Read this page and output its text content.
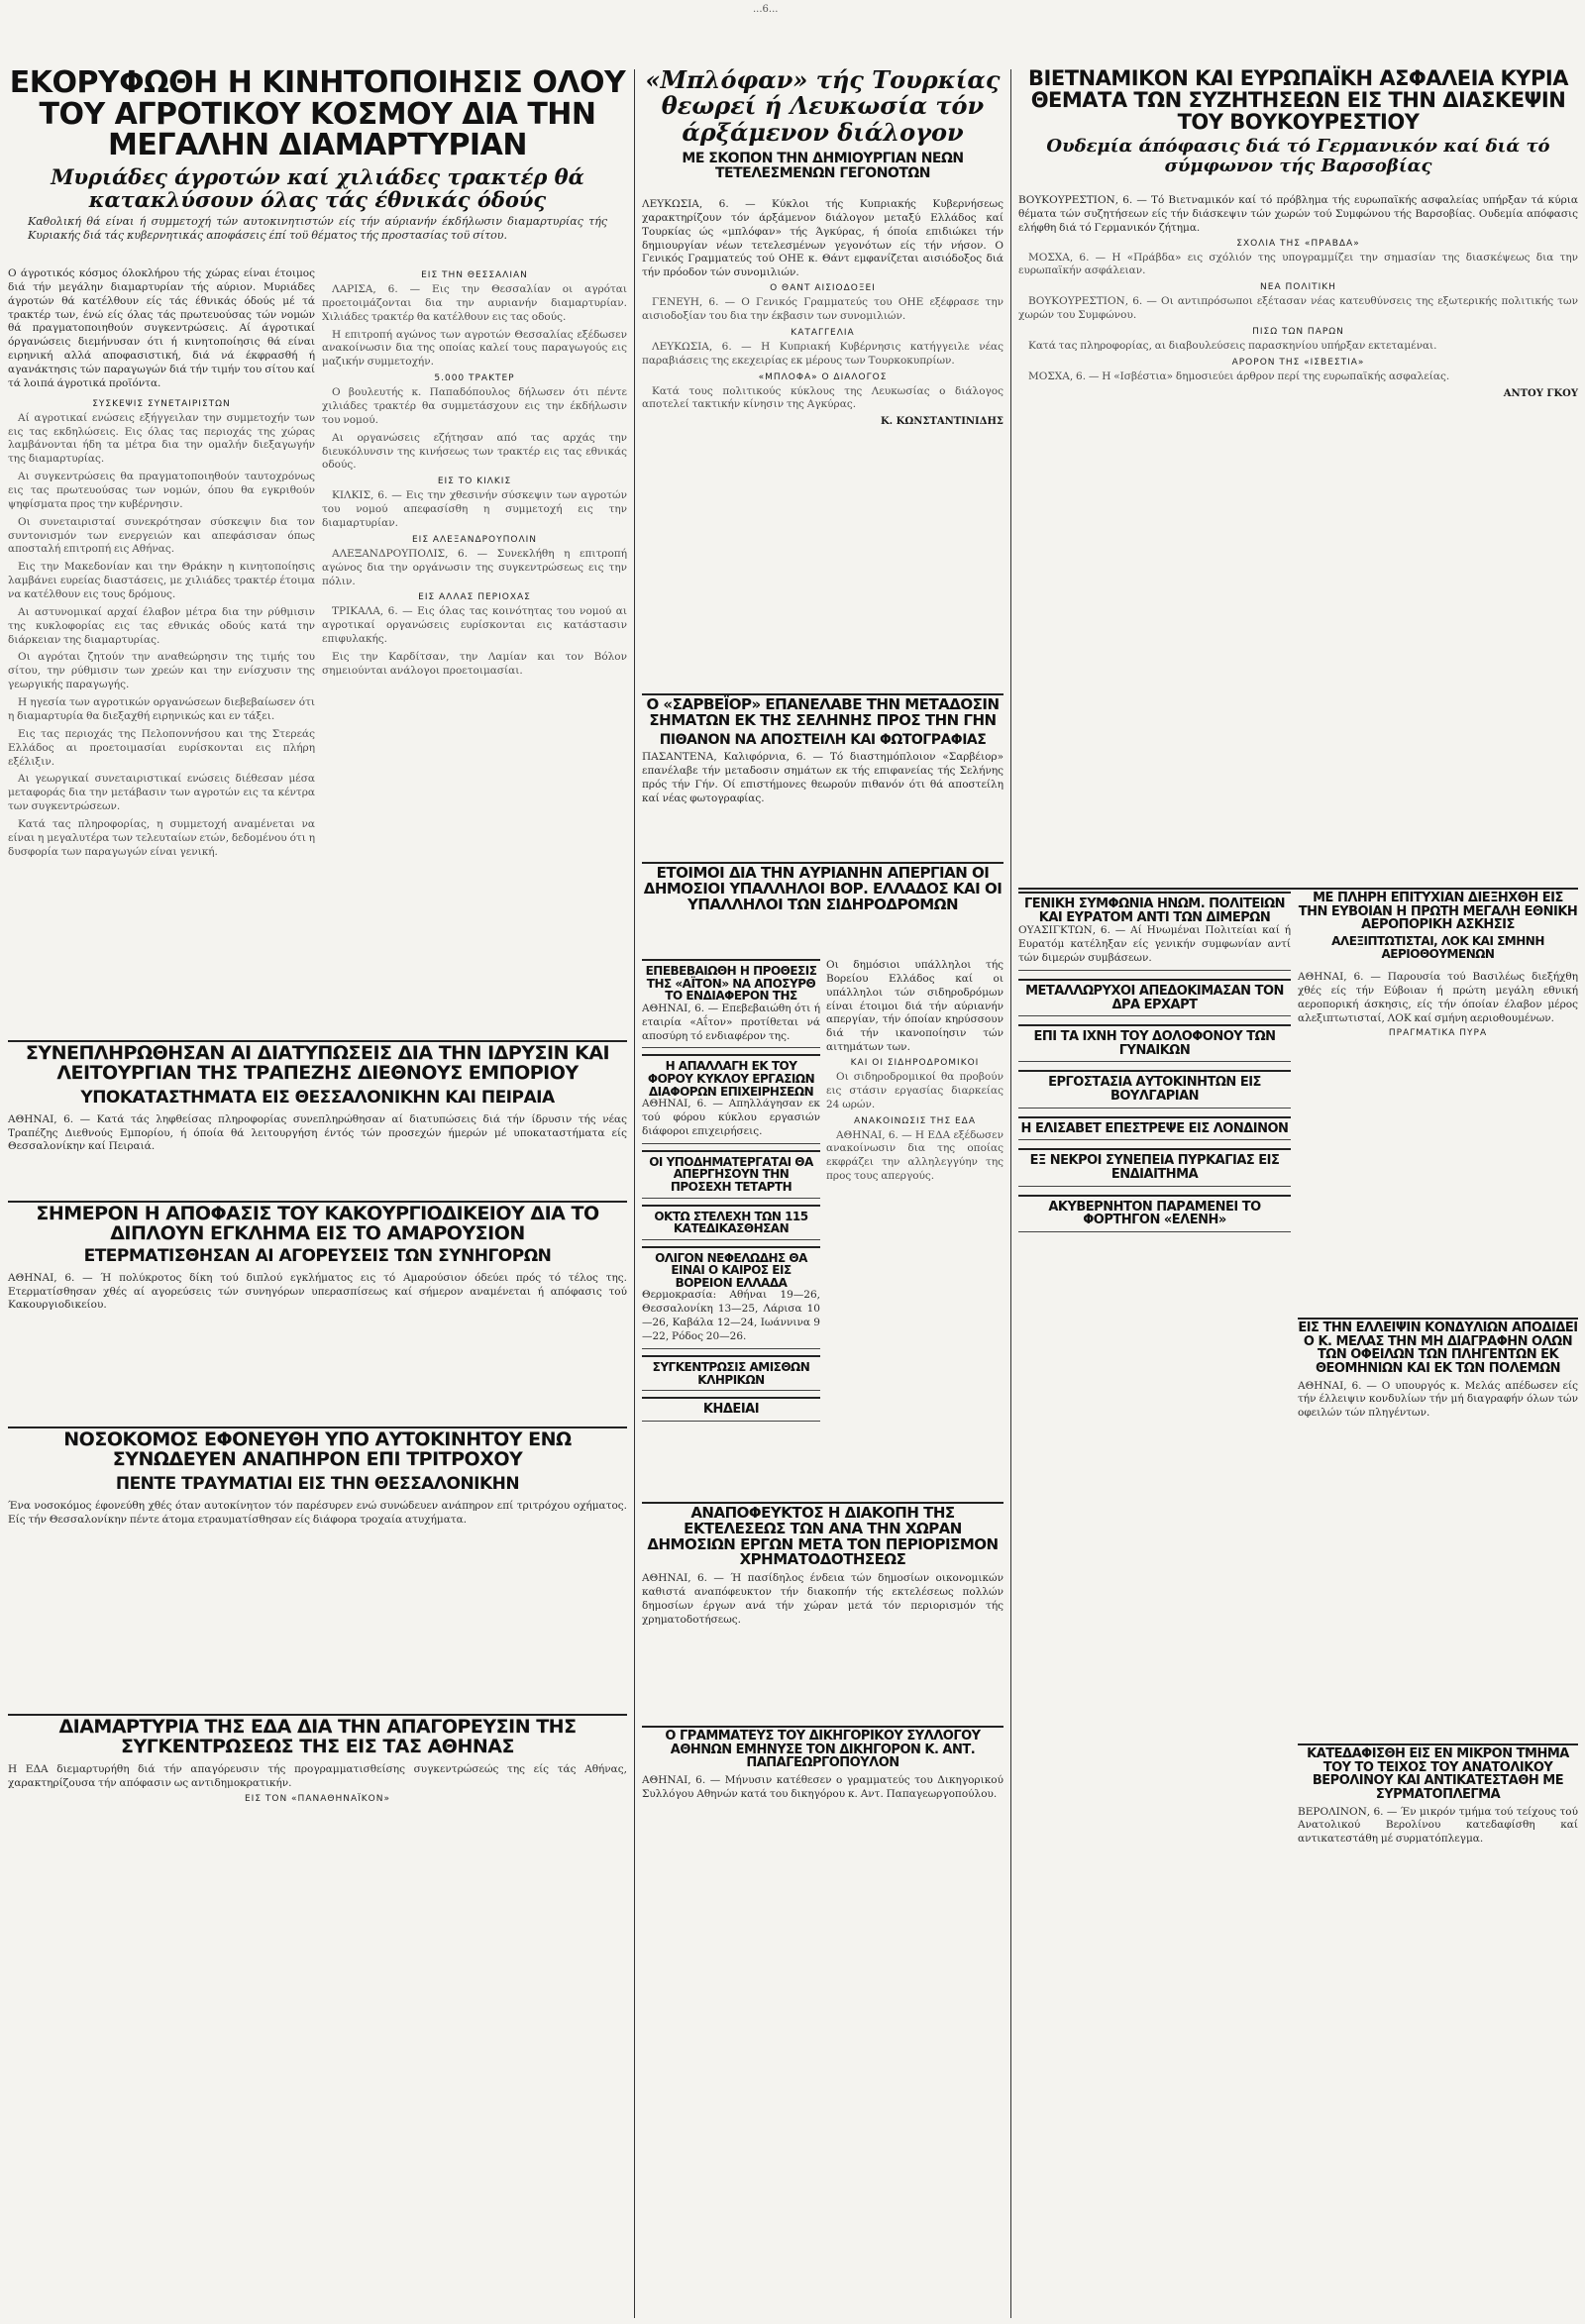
...6...
ΕΚΟΡΥΦΩΘΗ Η ΚΙΝΗΤΟΠΟΙΗΣΙΣ ΟΛΟΥ ΤΟΥ ΑΓΡΟΤΙΚΟΥ ΚΟΣΜΟΥ ΔΙΑ ΤΗΝ ΜΕΓΑΛΗΝ ΔΙΑΜΑΡΤΥΡΙΑΝ
Μυριάδες άγροτών καί χιλιάδες τρακτέρ θά κατακλύσουν όλας τάς έθνικάς όδούς
Καθολική θά είναι ή συμμετοχή τών αυτοκινητιστών είς τήν αύριανήν έκδήλωσιν διαμαρτυρίας τής Κυριακής διά τάς κυβερνητικάς αποφάσεις έπί τοϋ θέματος τής προστασίας τοϋ σίτου.
Ο άγροτικός κόσμος όλοκλήρου τής χώρας είναι έτοιμος διά τήν μεγάλην διαμαρτυρίαν τής αύριον. Μυριάδες άγροτών θά κατέλθουν είς τάς έθνικάς όδούς μέ τά τρακτέρ των, ένώ είς όλας τάς πρωτευούσας τών νομών θά πραγματοποιηθούν συγκεντρώσεις. Αί άγροτικαί όργανώσεις διεμήνυσαν ότι ή κινητοποίησις θά είναι ειρηνική αλλά αποφασιστική, διά νά έκφρασθή ή αγανάκτησις τών παραγωγών διά τήν τιμήν του σίτου καί τά λοιπά άγροτικά προϊόντα.
ΣΥΣΚΕΨΙΣ ΣΥΝΕΤΑΙΡΙΣΤΩΝ

Αί αγροτικαί ενώσεις εξήγγειλαν την συμμετοχήν των εις τας εκδηλώσεις. Εις όλας τας περιοχάς της χώρας λαμβάνονται ήδη τα μέτρα δια την ομαλήν διεξαγωγήν της διαμαρτυρίας.

Αι συγκεντρώσεις θα πραγματοποιηθούν ταυτοχρόνως εις τας πρωτευούσας των νομών, όπου θα εγκριθούν ψηφίσματα προς την κυβέρνησιν.

Οι συνεταιρισταί συνεκρότησαν σύσκεψιν δια τον συντονισμόν των ενεργειών και απεφάσισαν όπως αποσταλή επιτροπή εις Αθήνας.

Εις την Μακεδονίαν και την Θράκην η κινητοποίησις λαμβάνει ευρείας διαστάσεις, με χιλιάδες τρακτέρ έτοιμα να κατέλθουν εις τους δρόμους.

Αι αστυνομικαί αρχαί έλαβον μέτρα δια την ρύθμισιν της κυκλοφορίας εις τας εθνικάς οδούς κατά την διάρκειαν της διαμαρτυρίας.

Οι αγρόται ζητούν την αναθεώρησιν της τιμής του σίτου, την ρύθμισιν των χρεών και την ενίσχυσιν της γεωργικής παραγωγής.

Η ηγεσία των αγροτικών οργανώσεων διεβεβαίωσεν ότι η διαμαρτυρία θα διεξαχθή ειρηνικώς και εν τάξει.

Εις τας περιοχάς της Πελοποννήσου και της Στερεάς Ελλάδος αι προετοιμασίαι ευρίσκονται εις πλήρη εξέλιξιν.

Αι γεωργικαί συνεταιριστικαί ενώσεις διέθεσαν μέσα μεταφοράς δια την μετάβασιν των αγροτών εις τα κέντρα των συγκεντρώσεων.

Κατά τας πληροφορίας, η συμμετοχή αναμένεται να είναι η μεγαλυτέρα των τελευταίων ετών, δεδομένου ότι η δυσφορία των παραγωγών είναι γενική.

ΕΙΣ ΤΗΝ ΘΕΣΣΑΛΙΑΝ

ΛΑΡΙΣΑ, 6. — Εις την Θεσσαλίαν οι αγρόται προετοιμάζονται δια την αυριανήν διαμαρτυρίαν. Χιλιάδες τρακτέρ θα κατέλθουν εις τας οδούς.

Η επιτροπή αγώνος των αγροτών Θεσσαλίας εξέδωσεν ανακοίνωσιν δια της οποίας καλεί τους παραγωγούς εις μαζικήν συμμετοχήν.

5.000 ΤΡΑΚΤΕΡ

Ο βουλευτής κ. Παπαδόπουλος δήλωσεν ότι πέντε χιλιάδες τρακτέρ θα συμμετάσχουν εις την έκδήλωσιν του νομού.

Αι οργανώσεις εζήτησαν από τας αρχάς την διευκόλυνσιν της κινήσεως των τρακτέρ εις τας εθνικάς οδούς.

ΕΙΣ ΤΟ ΚΙΛΚΙΣ

ΚΙΛΚΙΣ, 6. — Εις την χθεσινήν σύσκεψιν των αγροτών του νομού απεφασίσθη η συμμετοχή εις την διαμαρτυρίαν.

ΕΙΣ ΑΛΕΞΑΝΔΡΟΥΠΟΛΙΝ

ΑΛΕΞΑΝΔΡΟΥΠΟΛΙΣ, 6. — Συνεκλήθη η επιτροπή αγώνος δια την οργάνωσιν της συγκεντρώσεως εις την πόλιν.

ΕΙΣ ΑΛΛΑΣ ΠΕΡΙΟΧΑΣ

ΤΡΙΚΑΛΑ, 6. — Εις όλας τας κοινότητας του νομού αι αγροτικαί οργανώσεις ευρίσκονται εις κατάστασιν επιφυλακής.

Εις την Καρδίτσαν, την Λαμίαν και τον Βόλον σημειούνται ανάλογοι προετοιμασίαι.

ΣΥΝΕΠΛΗΡΩΘΗΣΑΝ ΑΙ ΔΙΑΤΥΠΩΣΕΙΣ ΔΙΑ ΤΗΝ ΙΔΡΥΣΙΝ ΚΑΙ ΛΕΙΤΟΥΡΓΙΑΝ ΤΗΣ ΤΡΑΠΕΖΗΣ ΔΙΕΘΝΟΥΣ ΕΜΠΟΡΙΟΥ
ΥΠΟΚΑΤΑΣΤΗΜΑΤΑ ΕΙΣ ΘΕΣΣΑΛΟΝΙΚΗΝ ΚΑΙ ΠΕΙΡΑΙΑ
ΑΘΗΝΑΙ, 6. — Κατά τάς ληφθείσας πληροφορίας συνεπληρώθησαν αί διατυπώσεις διά τήν ίδρυσιν τής νέας Τραπέζης Διεθνούς Εμπορίου, ή όποία θά λειτουργήση έντός τών προσεχών ήμερών μέ υποκαταστήματα είς Θεσσαλονίκην καί Πειραιά.
ΣΗΜΕΡΟΝ Η ΑΠΟΦΑΣΙΣ ΤΟΥ ΚΑΚΟΥΡΓΙΟΔΙΚΕΙΟΥ ΔΙΑ ΤΟ ΔΙΠΛΟΥΝ ΕΓΚΛΗΜΑ ΕΙΣ ΤΟ ΑΜΑΡΟΥΣΙΟΝ
ΕΤΕΡΜΑΤΙΣΘΗΣΑΝ ΑΙ ΑΓΟΡΕΥΣΕΙΣ ΤΩΝ ΣΥΝΗΓΟΡΩΝ
ΑΘΗΝΑΙ, 6. — Ή πολύκροτος δίκη τού διπλού εγκλήματος εις τό Αμαρούσιον όδεύει πρός τό τέλος της. Ετερματίσθησαν χθές αί αγορεύσεις τών συνηγόρων υπερασπίσεως καί σήμερον αναμένεται ή απόφασις τού Κακουργιοδικείου.
ΝΟΣΟΚΟΜΟΣ ΕΦΟΝΕΥΘΗ ΥΠΟ ΑΥΤΟΚΙΝΗΤΟΥ ΕΝΩ ΣΥΝΩΔΕΥΕΝ ΑΝΑΠΗΡΟΝ ΕΠΙ ΤΡΙΤΡΟΧΟΥ
ΠΕΝΤΕ ΤΡΑΥΜΑΤΙΑΙ ΕΙΣ ΤΗΝ ΘΕΣΣΑΛΟΝΙΚΗΝ
Ένα νοσοκόμος έφονεύθη χθές όταν αυτοκίνητον τόν παρέσυρεν ενώ συνώδευεν ανάπηρον επί τριτρόχου οχήματος. Είς τήν Θεσσαλονίκην πέντε άτομα ετραυματίσθησαν είς διάφορα τροχαία ατυχήματα.
ΔΙΑΜΑΡΤΥΡΙΑ ΤΗΣ ΕΔΑ ΔΙΑ ΤΗΝ ΑΠΑΓΟΡΕΥΣΙΝ ΤΗΣ ΣΥΓΚΕΝΤΡΩΣΕΩΣ ΤΗΣ ΕΙΣ ΤΑΣ ΑΘΗΝΑΣ
Η ΕΔΑ διεμαρτυρήθη διά τήν απαγόρευσιν τής προγραμματισθείσης συγκεντρώσεώς της είς τάς Αθήνας, χαρακτηρίζουσα τήν απόφασιν ως αντιδημοκρατικήν.
ΕΙΣ ΤΟΝ «ΠΑΝΑΘΗΝΑΪΚΟΝ»
«Μπλόφαν» τής Τουρκίας θεωρεί ή Λευκωσία τόν άρξάμενον διάλογον
ΜΕ ΣΚΟΠΟΝ ΤΗΝ ΔΗΜΙΟΥΡΓΙΑΝ ΝΕΩΝ ΤΕΤΕΛΕΣΜΕΝΩΝ ΓΕΓΟΝΟΤΩΝ
ΛΕΥΚΩΣΙΑ, 6. — Κύκλοι τής Κυπριακής Κυβερνήσεως χαρακτηρίζουν τόν άρξάμενον διάλογον μεταξύ Ελλάδος καί Τουρκίας ώς «μπλόφαν» τής Άγκύρας, ή όποία επιδιώκει τήν δημιουργίαν νέων τετελεσμένων γεγονότων είς τήν νήσον. Ο Γενικός Γραμματεύς τού ΟΗΕ κ. Θάντ εμφανίζεται αισιόδοξος διά τήν πρόοδον τών συνομιλιών.
Ο ΘΑΝΤ ΑΙΣΙΟΔΟΞΕΙ

ΓΕΝΕΥΗ, 6. — Ο Γενικός Γραμματεύς του ΟΗΕ εξέφρασε την αισιοδοξίαν του δια την έκβασιν των συνομιλιών.

ΚΑΤΑΓΓΕΛΙΑ

ΛΕΥΚΩΣΙΑ, 6. — Η Κυπριακή Κυβέρνησις κατήγγειλε νέας παραβιάσεις της εκεχειρίας εκ μέρους των Τουρκοκυπρίων.

«ΜΠΛΟΦΑ» Ο ΔΙΑΛΟΓΟΣ

Κατά τους πολιτικούς κύκλους της Λευκωσίας ο διάλογος αποτελεί τακτικήν κίνησιν της Αγκύρας.

Κ. ΚΩΝΣΤΑΝΤΙΝΙΔΗΣ
Ο «ΣΑΡΒΕΪΟΡ» ΕΠΑΝΕΛΑΒΕ ΤΗΝ ΜΕΤΑΔΟΣΙΝ ΣΗΜΑΤΩΝ ΕΚ ΤΗΣ ΣΕΛΗΝΗΣ ΠΡΟΣ ΤΗΝ ΓΗΝ
ΠΙΘΑΝΟΝ ΝΑ ΑΠΟΣΤΕΙΛΗ ΚΑΙ ΦΩΤΟΓΡΑΦΙΑΣ
ΠΑΣΑΝΤΕΝΑ, Καλιφόρνια, 6. — Τό διαστημόπλοιον «Σαρβέιορ» επανέλαβε τήν μεταδοσιν σημάτων εκ τής επιφανείας τής Σελήνης πρός τήν Γήν. Οί επιστήμονες θεωρούν πιθανόν ότι θά αποστείλη καί νέας φωτογραφίας.
ΕΤΟΙΜΟΙ ΔΙΑ ΤΗΝ ΑΥΡΙΑΝΗΝ ΑΠΕΡΓΙΑΝ ΟΙ ΔΗΜΟΣΙΟΙ ΥΠΑΛΛΗΛΟΙ ΒΟΡ. ΕΛΛΑΔΟΣ ΚΑΙ ΟΙ ΥΠΑΛΛΗΛΟΙ ΤΩΝ ΣΙΔΗΡΟΔΡΟΜΩΝ
ΕΠΕΒΕΒΑΙΩΘΗ Η ΠΡΟΘΕΣΙΣ ΤΗΣ «ΑΪΤΟΝ» ΝΑ ΑΠΟΣΥΡΘ ΤΟ ΕΝΔΙΑΦΕΡΟΝ ΤΗΣ
ΑΘΗΝΑΙ, 6. — Επεβεβαιώθη ότι ή εταιρία «Αΐτον» προτίθεται νά αποσύρη τό ενδιαφέρον της.
Η ΑΠΑΛΛΑΓΗ ΕΚ ΤΟΥ ΦΟΡΟΥ ΚΥΚΛΟΥ ΕΡΓΑΣΙΩΝ ΔΙΑΦΟΡΩΝ ΕΠΙΧΕΙΡΗΣΕΩΝ
ΑΘΗΝΑΙ, 6. — Απηλλάγησαν εκ τού φόρου κύκλου εργασιών διάφοροι επιχειρήσεις.
ΟΙ ΥΠΟΔΗΜΑΤΕΡΓΑΤΑΙ ΘΑ ΑΠΕΡΓΗΣΟΥΝ ΤΗΝ ΠΡΟΣΕΧΗ ΤΕΤΑΡΤΗ
ΟΚΤΩ ΣΤΕΛΕΧΗ ΤΩΝ 115 ΚΑΤΕΔΙΚΑΣΘΗΣΑΝ
ΟΛΙΓΟΝ ΝΕΦΕΛΩΔΗΣ ΘΑ ΕΙΝΑΙ Ο ΚΑΙΡΟΣ ΕΙΣ ΒΟΡΕΙΟΝ ΕΛΛΑΔΑ
Θερμοκρασία: Αθήναι 19—26, Θεσσαλονίκη 13—25, Λάρισα 10—26, Καβάλα 12—24, Ιωάννινα 9—22, Ρόδος 20—26.
ΣΥΓΚΕΝΤΡΩΣΙΣ ΑΜΙΣΘΩΝ ΚΛΗΡΙΚΩΝ
ΚΗΔΕΙΑΙ
Οι δημόσιοι υπάλληλοι τής Βορείου Ελλάδος καί οι υπάλληλοι τών σιδηροδρόμων είναι έτοιμοι διά τήν αύριανήν απεργίαν, τήν όποίαν κηρύσσουν διά τήν ικανοποίησιν τών αιτημάτων των.
ΚΑΙ ΟΙ ΣΙΔΗΡΟΔΡΟΜΙΚΟΙ

Οι σιδηροδρομικοί θα προβούν εις στάσιν εργασίας διαρκείας 24 ωρών.

ΑΝΑΚΟΙΝΩΣΙΣ ΤΗΣ ΕΔΑ

ΑΘΗΝΑΙ, 6. — Η ΕΔΑ εξέδωσεν ανακοίνωσιν δια της οποίας εκφράζει την αλληλεγγύην της προς τους απεργούς.

ΑΝΑΠΟΦΕΥΚΤΟΣ Η ΔΙΑΚΟΠΗ ΤΗΣ ΕΚΤΕΛΕΣΕΩΣ ΤΩΝ ΑΝΑ ΤΗΝ ΧΩΡΑΝ ΔΗΜΟΣΙΩΝ ΕΡΓΩΝ ΜΕΤΑ ΤΟΝ ΠΕΡΙΟΡΙΣΜΟΝ ΧΡΗΜΑΤΟΔΟΤΗΣΕΩΣ
ΑΘΗΝΑΙ, 6. — Ή πασίδηλος ένδεια τών δημοσίων οικονομικών καθιστά αναπόφευκτον τήν διακοπήν τής εκτελέσεως πολλών δημοσίων έργων ανά τήν χώραν μετά τόν περιορισμόν τής χρηματοδοτήσεως.
Ο ΓΡΑΜΜΑΤΕΥΣ ΤΟΥ ΔΙΚΗΓΟΡΙΚΟΥ ΣΥΛΛΟΓΟΥ ΑΘΗΝΩΝ ΕΜΗΝΥΣΕ ΤΟΝ ΔΙΚΗΓΟΡΟΝ Κ. ΑΝΤ. ΠΑΠΑΓΕΩΡΓΟΠΟΥΛΟΝ
ΑΘΗΝΑΙ, 6. — Μήνυσιν κατέθεσεν ο γραμματεύς του Δικηγορικού Συλλόγου Αθηνών κατά του δικηγόρου κ. Αντ. Παπαγεωργοπούλου.
ΒΙΕΤΝΑΜΙΚΟΝ ΚΑΙ ΕΥΡΩΠΑΪΚΗ ΑΣΦΑΛΕΙΑ ΚΥΡΙΑ ΘΕΜΑΤΑ ΤΩΝ ΣΥΖΗΤΗΣΕΩΝ ΕΙΣ ΤΗΝ ΔΙΑΣΚΕΨΙΝ ΤΟΥ ΒΟΥΚΟΥΡΕΣΤΙΟΥ
Ουδεμία άπόφασις διά τό Γερμανικόν καί διά τό σύμφωνον τής Βαρσοβίας
ΒΟΥΚΟΥΡΕΣΤΙΟΝ, 6. — Τό Βιετναμικόν καί τό πρόβλημα τής ευρωπαϊκής ασφαλείας υπήρξαν τά κύρια θέματα τών συζητήσεων είς τήν διάσκεψιν τών χωρών τού Συμφώνου τής Βαρσοβίας. Ουδεμία απόφασις ελήφθη διά τό Γερμανικόν ζήτημα.
ΣΧΟΛΙΑ ΤΗΣ «ΠΡΑΒΔΑ»

ΜΟΣΧΑ, 6. — Η «Πράβδα» εις σχόλιόν της υπογραμμίζει την σημασίαν της διασκέψεως δια την ευρωπαϊκήν ασφάλειαν.

ΝΕΑ ΠΟΛΙΤΙΚΗ

ΒΟΥΚΟΥΡΕΣΤΙΟΝ, 6. — Οι αντιπρόσωποι εξέτασαν νέας κατευθύνσεις της εξωτερικής πολιτικής των χωρών του Συμφώνου.

ΠΙΣΩ ΤΩΝ ΠΑΡΩΝ

Κατά τας πληροφορίας, αι διαβουλεύσεις παρασκηνίου υπήρξαν εκτεταμέναι.

ΑΡΟΡΟΝ ΤΗΣ «ΙΣΒΕΣΤΙΑ»

ΜΟΣΧΑ, 6. — Η «Ισβέστια» δημοσιεύει άρθρον περί της ευρωπαϊκής ασφαλείας.

ΑΝΤΟΥ ΓΚΟΥ
ΓΕΝΙΚΗ ΣΥΜΦΩΝΙΑ ΗΝΩΜ. ΠΟΛΙΤΕΙΩΝ ΚΑΙ ΕΥΡΑΤΟΜ ΑΝΤΙ ΤΩΝ ΔΙΜΕΡΩΝ
ΟΥΑΣΙΓΚΤΩΝ, 6. — Αί Ηνωμέναι Πολιτείαι καί ή Ευρατόμ κατέληξαν είς γενικήν συμφωνίαν αντί τών διμερών συμβάσεων.
ΜΕΤΑΛΛΩΡΥΧΟΙ ΑΠΕΔΟΚΙΜΑΣΑΝ ΤΟΝ ΔΡΑ ΕΡΧΑΡΤ
ΕΠΙ ΤΑ ΙΧΝΗ ΤΟΥ ΔΟΛΟΦΟΝΟΥ ΤΩΝ ΓΥΝΑΙΚΩΝ
ΕΡΓΟΣΤΑΣΙΑ ΑΥΤΟΚΙΝΗΤΩΝ ΕΙΣ ΒΟΥΛΓΑΡΙΑΝ
Η ΕΛΙΣΑΒΕΤ ΕΠΕΣΤΡΕΨΕ ΕΙΣ ΛΟΝΔΙΝΟΝ
ΕΞ ΝΕΚΡΟΙ ΣΥΝΕΠΕΙΑ ΠΥΡΚΑΓΙΑΣ ΕΙΣ ΕΝΔΙΑΙΤΗΜΑ
ΑΚΥΒΕΡΝΗΤΟΝ ΠΑΡΑΜΕΝΕΙ ΤΟ ΦΟΡΤΗΓΟΝ «ΕΛΕΝΗ»
ΜΕ ΠΛΗΡΗ ΕΠΙΤΥΧΙΑΝ ΔΙΕΞΗΧΘΗ ΕΙΣ ΤΗΝ ΕΥΒΟΙΑΝ Η ΠΡΩΤΗ ΜΕΓΑΛΗ ΕΘΝΙΚΗ ΑΕΡΟΠΟΡΙΚΗ ΑΣΚΗΣΙΣ
ΑΛΕΞΙΠΤΩΤΙΣΤΑΙ, ΛΟΚ ΚΑΙ ΣΜΗΝΗ ΑΕΡΙΟΘΟΥΜΕΝΩΝ
ΑΘΗΝΑΙ, 6. — Παρουσία τού Βασιλέως διεξήχθη χθές είς τήν Εύβοιαν ή πρώτη μεγάλη εθνική αεροπορική άσκησις, είς τήν όποίαν έλαβον μέρος αλεξιπτωτισταί, ΛΟΚ καί σμήνη αεριοθουμένων.
ΠΡΑΓΜΑΤΙΚΑ ΠΥΡΑ
ΕΙΣ ΤΗΝ ΕΛΛΕΙΨΙΝ ΚΟΝΔΥΛΙΩΝ ΑΠΟΔΙΔΕΙ Ο Κ. ΜΕΛΑΣ ΤΗΝ ΜΗ ΔΙΑΓΡΑΦΗΝ ΟΛΩΝ ΤΩΝ ΟΦΕΙΛΩΝ ΤΩΝ ΠΛΗΓΕΝΤΩΝ ΕΚ ΘΕΟΜΗΝΙΩΝ ΚΑΙ ΕΚ ΤΩΝ ΠΟΛΕΜΩΝ
ΑΘΗΝΑΙ, 6. — Ο υπουργός κ. Μελάς απέδωσεν είς τήν έλλειψιν κονδυλίων τήν μή διαγραφήν όλων τών οφειλών τών πληγέντων.
ΚΑΤΕΔΑΦΙΣΘΗ ΕΙΣ ΕΝ ΜΙΚΡΟΝ ΤΜΗΜΑ ΤΟΥ ΤΟ ΤΕΙΧΟΣ ΤΟΥ ΑΝΑΤΟΛΙΚΟΥ ΒΕΡΟΛΙΝΟΥ ΚΑΙ ΑΝΤΙΚΑΤΕΣΤΑΘΗ ΜΕ ΣΥΡΜΑΤΟΠΛΕΓΜΑ
ΒΕΡΟΛΙΝΟΝ, 6. — Έν μικρόν τμήμα τού τείχους τού Ανατολικού Βερολίνου κατεδαφίσθη καί αντικατεστάθη μέ συρματόπλεγμα.
